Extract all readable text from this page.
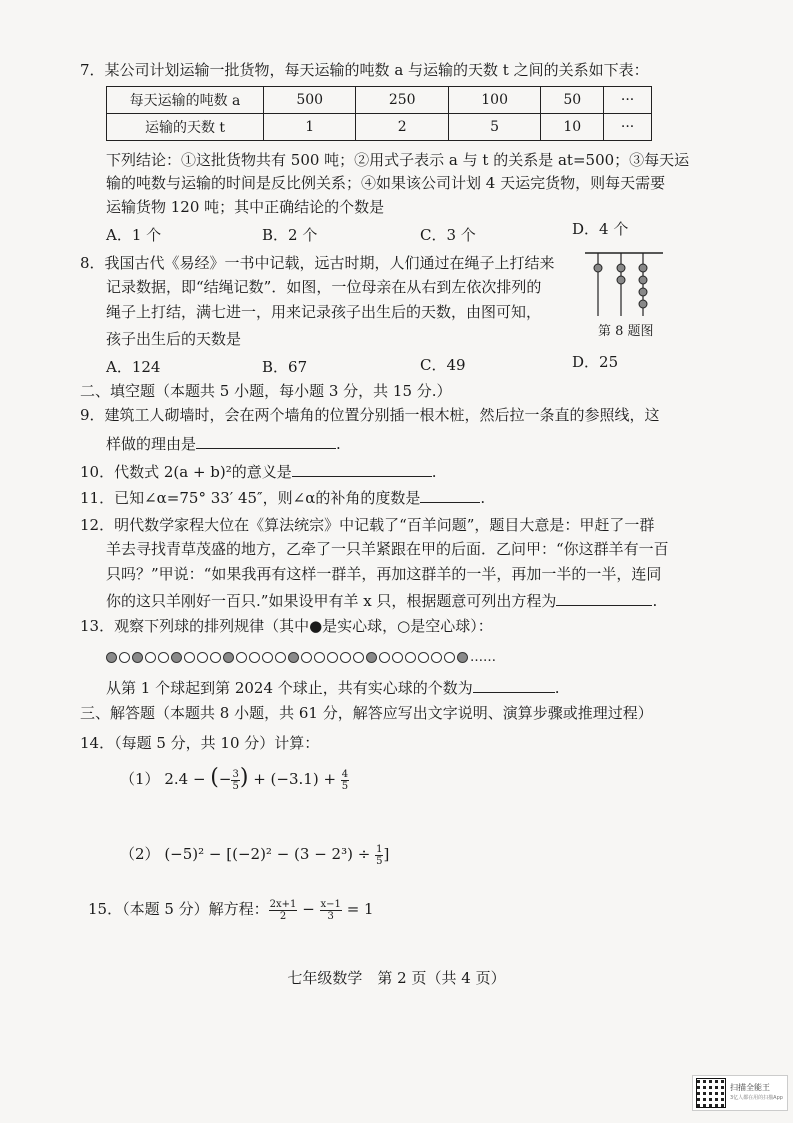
7．某公司计划运输一批货物，每天运输的吨数 a 与运输的天数 t 之间的关系如下表：
每天运输的吨数 a	500	250	100	50	···
运输的天数 t	1	2	5	10	···
下列结论：①这批货物共有 500 吨；②用式子表示 a 与 t 的关系是 at=500；③每天运
输的吨数与运输的时间是反比例关系；④如果该公司计划 4 天运完货物，则每天需要
运输货物 120 吨；其中正确结论的个数是
A．1 个	B．2 个	C．3 个	D．4 个
8．我国古代《易经》一书中记载，远古时期，人们通过在绳子上打结来
记录数据，即“结绳记数”．如图，一位母亲在从右到左依次排列的
绳子上打结，满七进一，用来记录孩子出生后的天数，由图可知，
孩子出生后的天数是	第 8 题图
A．124	B．67	C．49	D．25
二、填空题（本题共 5 小题，每小题 3 分，共 15 分.）
9．建筑工人砌墙时，会在两个墙角的位置分别插一根木桩，然后拉一条直的参照线，这
样做的理由是	.
10．代数式 2(a + b)²的意义是	.
11．已知∠α=75° 33′ 45″，则∠α的补角的度数是	.
12．明代数学家程大位在《算法统宗》中记载了“百羊问题”，题目大意是：甲赶了一群
羊去寻找青草茂盛的地方，乙牵了一只羊紧跟在甲的后面．乙问甲：“你这群羊有一百
只吗？”甲说：“如果我再有这样一群羊，再加这群羊的一半，再加一半的一半，连同
你的这只羊刚好一百只.”如果设甲有羊 x 只，根据题意可列出方程为	.
13．观察下列球的排列规律（其中●是实心球，○是空心球）：
……
从第 1 个球起到第 2024 个球止，共有实心球的个数为	.
三、解答题（本题共 8 小题，共 61 分，解答应写出文字说明、演算步骤或推理过程）
14．（每题 5 分，共 10 分）计算：
（1） 2.4 − (− $\frac{3}{5}$ ) + $(-3.1) + \frac{4}{5}$
（2） $(-5)^2 - [(-2)^2 - (3 - 2^3) \div \frac{1}{5}$ ]
15．（本题 5 分）解方程： $\frac{2x+1}{2} - \frac{x-1}{3} = 1$
七年级数学　第 2 页（共 4 页）
扫描全能王
3亿人都在用的扫描App
